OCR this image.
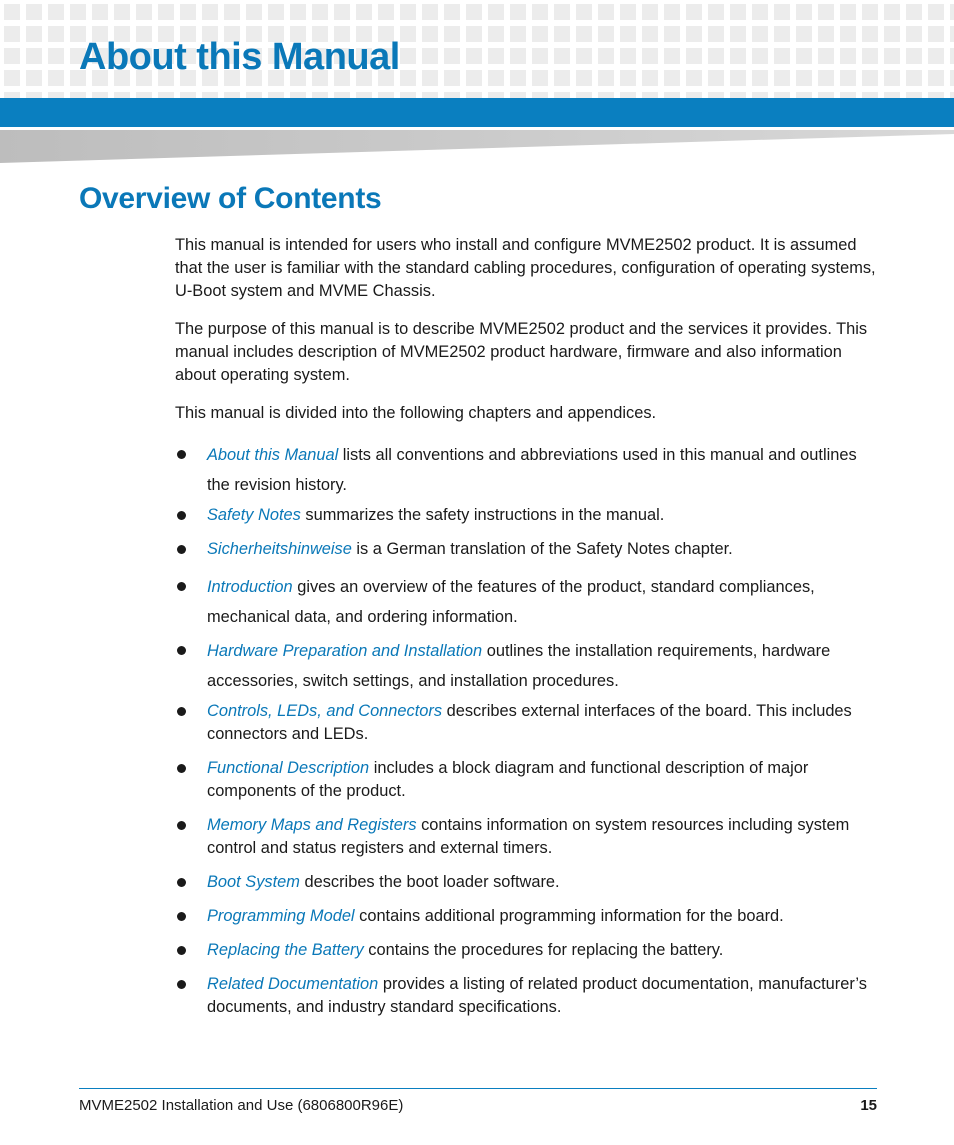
About this Manual
Overview of Contents

This manual is intended for users who install and configure MVME2502 product. It is assumed that the user is familiar with the standard cabling procedures, configuration of operating systems, U-Boot system and MVME Chassis.

The purpose of this manual is to describe MVME2502 product and the services it provides. This manual includes description of MVME2502 product hardware, firmware and also information about operating system.

This manual is divided into the following chapters and appendices.

About this Manual lists all conventions and abbreviations used in this manual and outlines the revision history.
Safety Notes summarizes the safety instructions in the manual.
Sicherheitshinweise is a German translation of the Safety Notes chapter.
Introduction gives an overview of the features of the product, standard compliances, mechanical data, and ordering information.
Hardware Preparation and Installation outlines the installation requirements, hardware accessories, switch settings, and installation procedures.
Controls, LEDs, and Connectors describes external interfaces of the board. This includes connectors and LEDs.
Functional Description includes a block diagram and functional description of major components of the product.
Memory Maps and Registers contains information on system resources including system control and status registers and external timers.
Boot System describes the boot loader software.
Programming Model contains additional programming information for the board.
Replacing the Battery contains the procedures for replacing the battery.
Related Documentation provides a listing of related product documentation, manufacturer’s documents, and industry standard specifications.
MVME2502 Installation and Use (6806800R96E)	15
